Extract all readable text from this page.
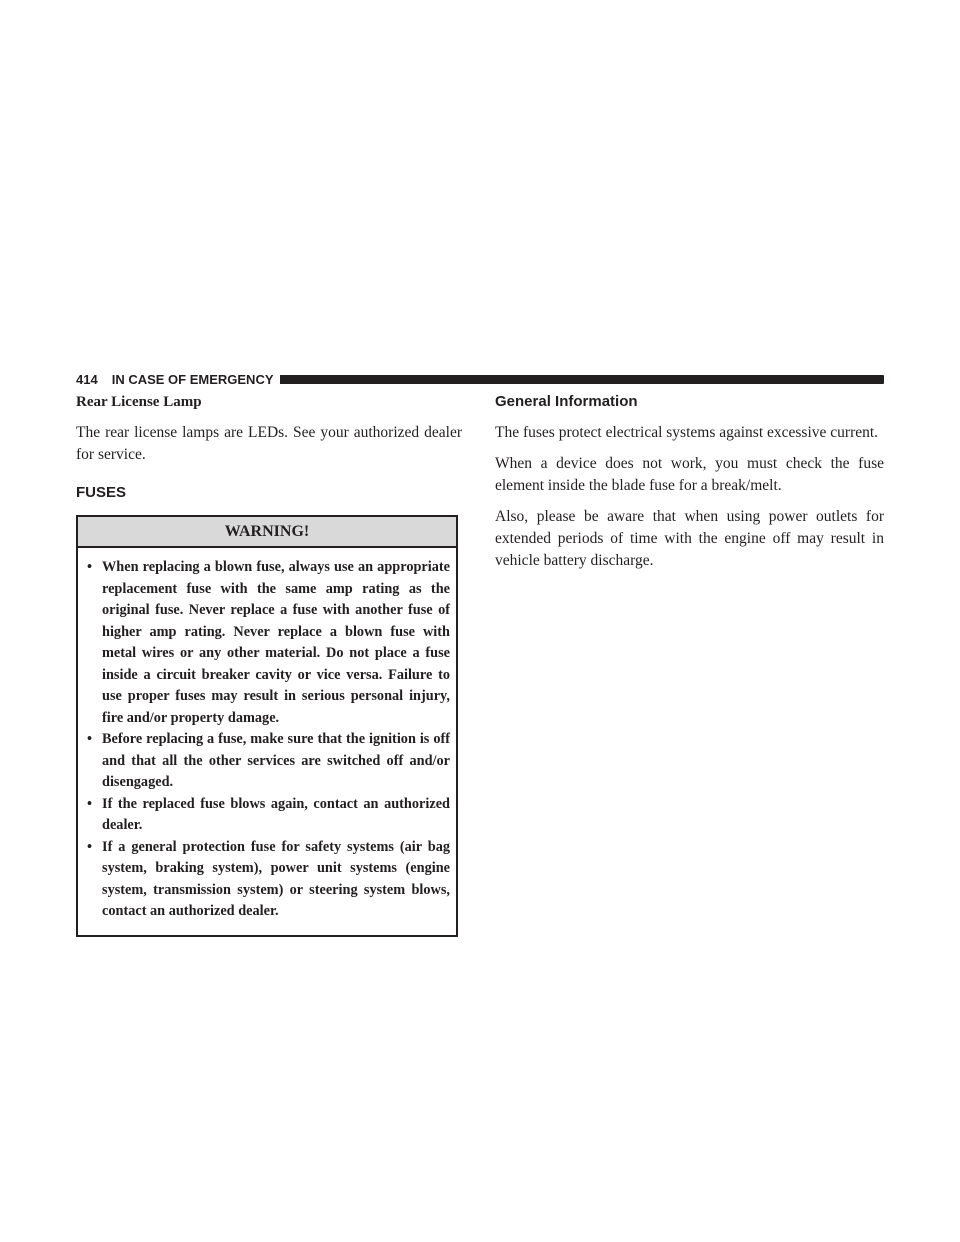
414 IN CASE OF EMERGENCY

Rear License Lamp

The rear license lamps are LEDs. See your authorized dealer for service.

FUSES
WARNING!
• When replacing a blown fuse, always use an appropriate replacement fuse with the same amp rating as the original fuse. Never replace a fuse with another fuse of higher amp rating. Never replace a blown fuse with metal wires or any other material. Do not place a fuse inside a circuit breaker cavity or vice versa. Failure to use proper fuses may result in serious personal injury, fire and/or property damage.
• Before replacing a fuse, make sure that the ignition is off and that all the other services are switched off and/or disengaged.
• If the replaced fuse blows again, contact an authorized dealer.
• If a general protection fuse for safety systems (air bag system, braking system), power unit systems (engine system, transmission system) or steering system blows, contact an authorized dealer.
General Information

The fuses protect electrical systems against excessive current.

When a device does not work, you must check the fuse element inside the blade fuse for a break/melt.

Also, please be aware that when using power outlets for extended periods of time with the engine off may result in vehicle battery discharge.
